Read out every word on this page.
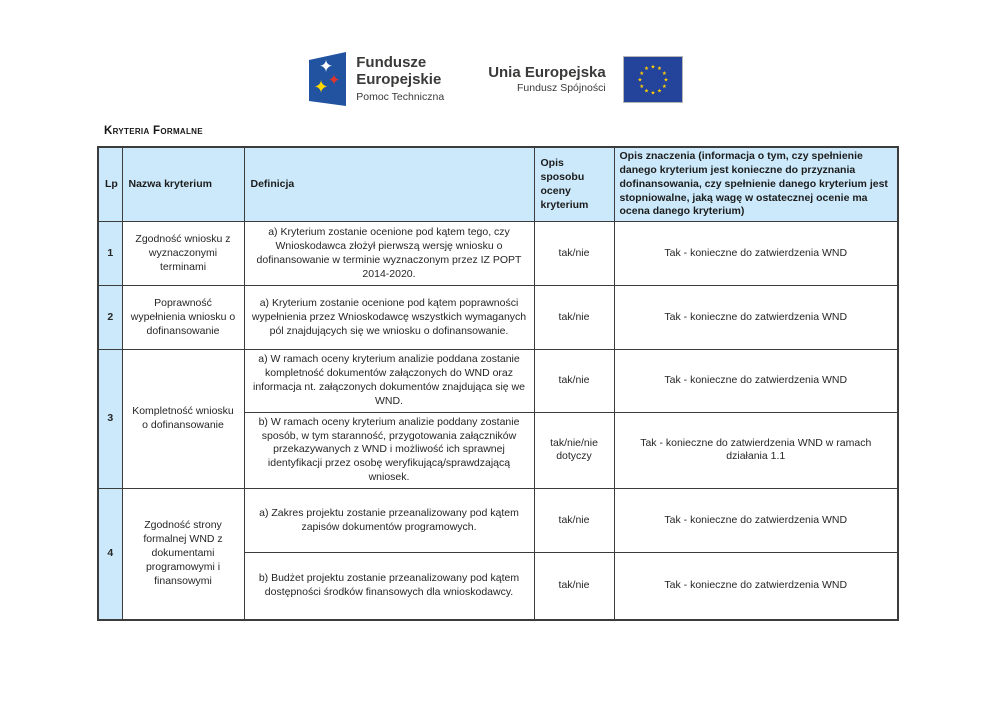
✦
✦
✦
Fundusze
Europejskie
Pomoc Techniczna
Unia Europejska
Fundusz Spójności
★ ★
★
★
★
★
★
★
★
★
★
★
Kryteria Formalne
Lp	Nazwa kryterium	Definicja	Opis sposobu oceny kryterium	Opis znaczenia (informacja o tym, czy spełnienie danego kryterium jest konieczne do przyznania dofinansowania, czy spełnienie danego kryterium jest stopniowalne, jaką wagę w ostatecznej ocenie ma ocena danego kryterium)
1	Zgodność wniosku z wyznaczonymi terminami	a) Kryterium zostanie ocenione pod kątem tego, czy Wnioskodawca złożył pierwszą wersję wniosku o dofinansowanie w terminie wyznaczonym przez IZ POPT 2014-2020.	tak/nie	Tak - konieczne do zatwierdzenia WND
2	Poprawność wypełnienia wniosku o dofinansowanie	a) Kryterium zostanie ocenione pod kątem poprawności wypełnienia przez Wnioskodawcę wszystkich wymaganych pól znajdujących się we wniosku o dofinansowanie.	tak/nie	Tak - konieczne do zatwierdzenia WND
3	Kompletność wniosku o dofinansowanie	a) W ramach oceny kryterium analizie poddana zostanie kompletność dokumentów załączonych do WND oraz informacja nt. załączonych dokumentów znajdująca się we WND.	tak/nie	Tak - konieczne do zatwierdzenia WND
		b) W ramach oceny kryterium analizie poddany zostanie sposób, w tym staranność, przygotowania załączników przekazywanych z WND i możliwość ich sprawnej identyfikacji przez osobę weryfikującą/sprawdzającą wniosek.	tak/nie/nie dotyczy	Tak - konieczne do zatwierdzenia WND w ramach działania 1.1
4	Zgodność strony formalnej WND z dokumentami programowymi i finansowymi	a) Zakres projektu zostanie przeanalizowany pod kątem zapisów dokumentów programowych.	tak/nie	Tak - konieczne do zatwierdzenia WND
		b) Budżet projektu zostanie przeanalizowany pod kątem dostępności środków finansowych dla wnioskodawcy.	tak/nie	Tak - konieczne do zatwierdzenia WND
